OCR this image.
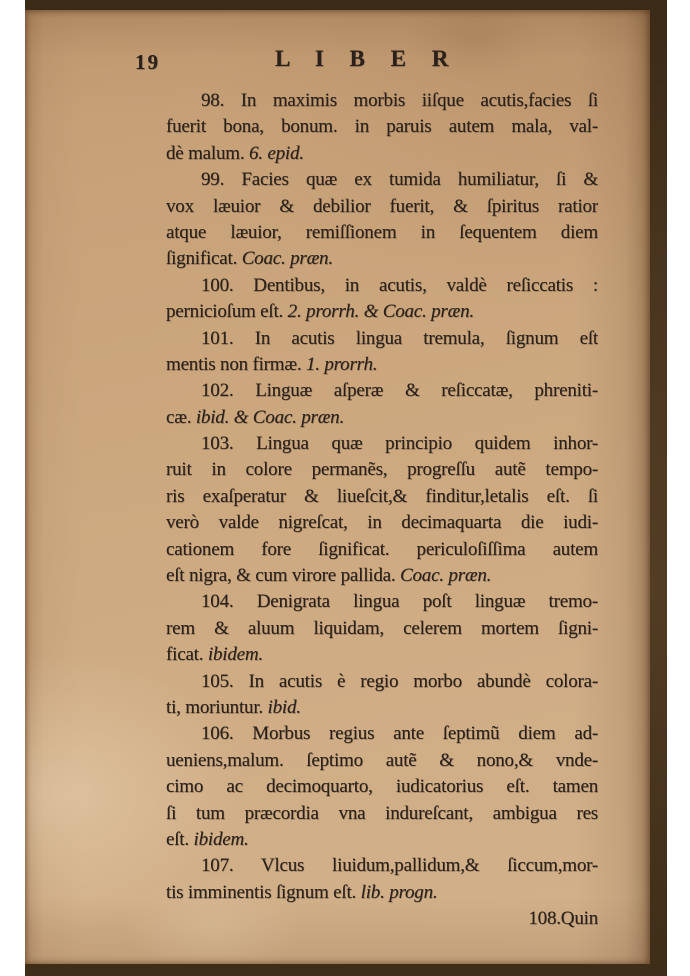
19	L I B E R
98. In maximis morbis iiſque acutis,facies ſi
fuerit bona, bonum. in paruis autem mala, val-
dè malum. 6. epid.
99. Facies quæ ex tumida humiliatur, ſi &
vox læuior & debilior fuerit, & ſpiritus ratior
atque læuior, remiſſionem in ſequentem diem
ſignificat. Coac. præn.
100. Dentibus, in acutis, valdè reſiccatis :
pernicioſum eſt. 2. prorrh. & Coac. præn.
101. In acutis lingua tremula, ſignum eſt
mentis non firmæ. 1. prorrh.
102. Linguæ aſperæ & reſiccatæ, phreniti-
cæ. ibid. & Coac. præn.
103. Lingua quæ principio quidem inhor-
ruit in colore permanẽs, progreſſu autẽ tempo-
ris exaſperatur & liueſcit,& finditur,letalis eſt. ſi
verò valde nigreſcat, in decimaquarta die iudi-
cationem fore ſignificat. periculoſiſſima autem
eſt nigra, & cum virore pallida. Coac. præn.
104. Denigrata lingua poſt linguæ tremo-
rem & aluum liquidam, celerem mortem ſigni-
ficat. ibidem.
105. In acutis è regio morbo abundè colora-
ti, moriuntur. ibid.
106. Morbus regius ante ſeptimũ diem ad-
ueniens,malum. ſeptimo autẽ & nono,& vnde-
cimo ac decimoquarto, iudicatorius eſt. tamen
ſi tum præcordia vna indureſcant, ambigua res
eſt. ibidem.
107. Vlcus liuidum,pallidum,& ſiccum,mor-
tis imminentis ſignum eſt. lib. progn.
108.Quin
